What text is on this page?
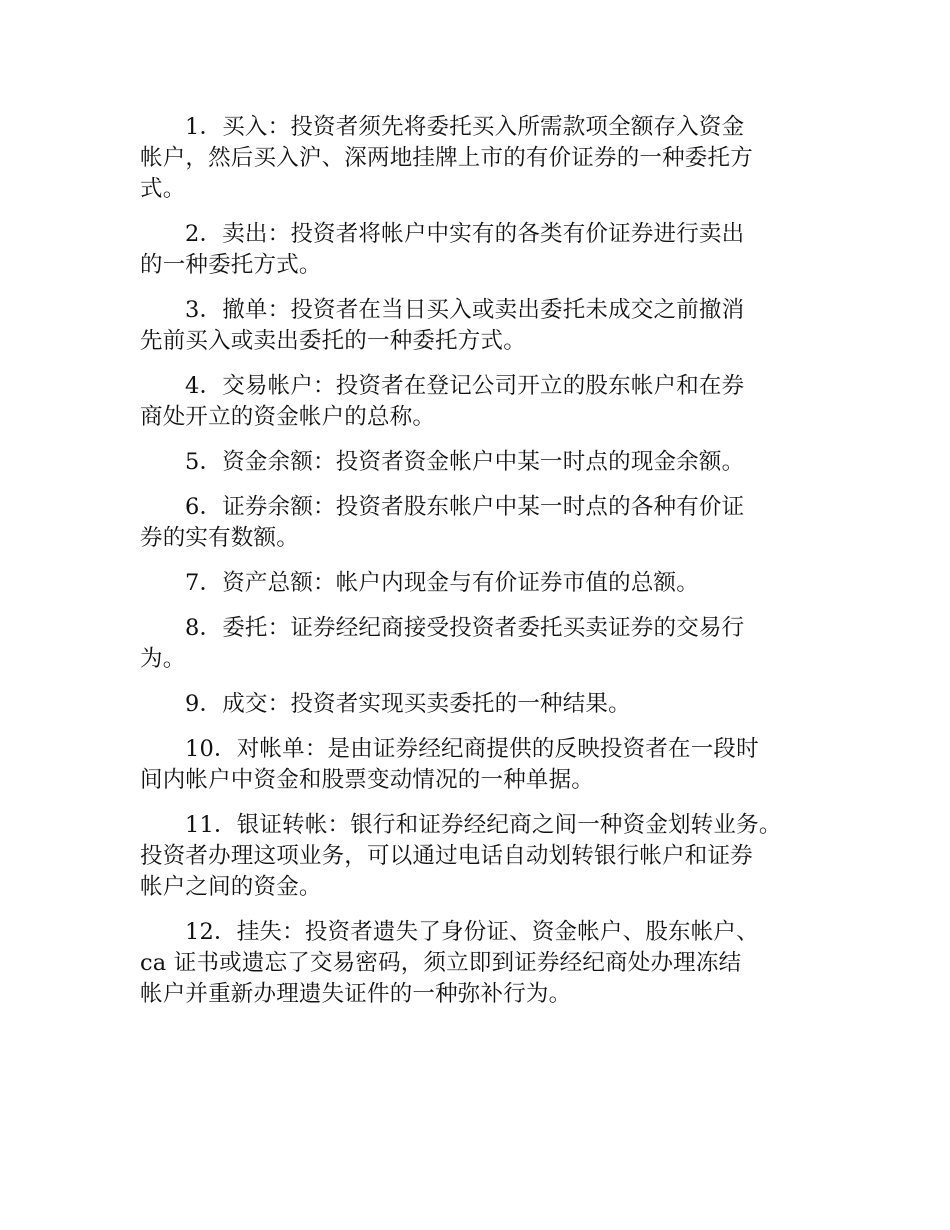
1．买入：投资者须先将委托买入所需款项全额存入资金
帐户，然后买入沪、深两地挂牌上市的有价证券的一种委托方
式。

2．卖出：投资者将帐户中实有的各类有价证券进行卖出
的一种委托方式。

3．撤单：投资者在当日买入或卖出委托未成交之前撤消
先前买入或卖出委托的一种委托方式。

4．交易帐户：投资者在登记公司开立的股东帐户和在券
商处开立的资金帐户的总称。

5．资金余额：投资者资金帐户中某一时点的现金余额。

6．证券余额：投资者股东帐户中某一时点的各种有价证
券的实有数额。

7．资产总额：帐户内现金与有价证券市值的总额。

8．委托：证券经纪商接受投资者委托买卖证券的交易行
为。

9．成交：投资者实现买卖委托的一种结果。

10．对帐单：是由证券经纪商提供的反映投资者在一段时
间内帐户中资金和股票变动情况的一种单据。

11．银证转帐：银行和证券经纪商之间一种资金划转业务。
投资者办理这项业务，可以通过电话自动划转银行帐户和证券
帐户之间的资金。

12．挂失：投资者遗失了身份证、资金帐户、股东帐户、
ca 证书或遗忘了交易密码，须立即到证券经纪商处办理冻结
帐户并重新办理遗失证件的一种弥补行为。
